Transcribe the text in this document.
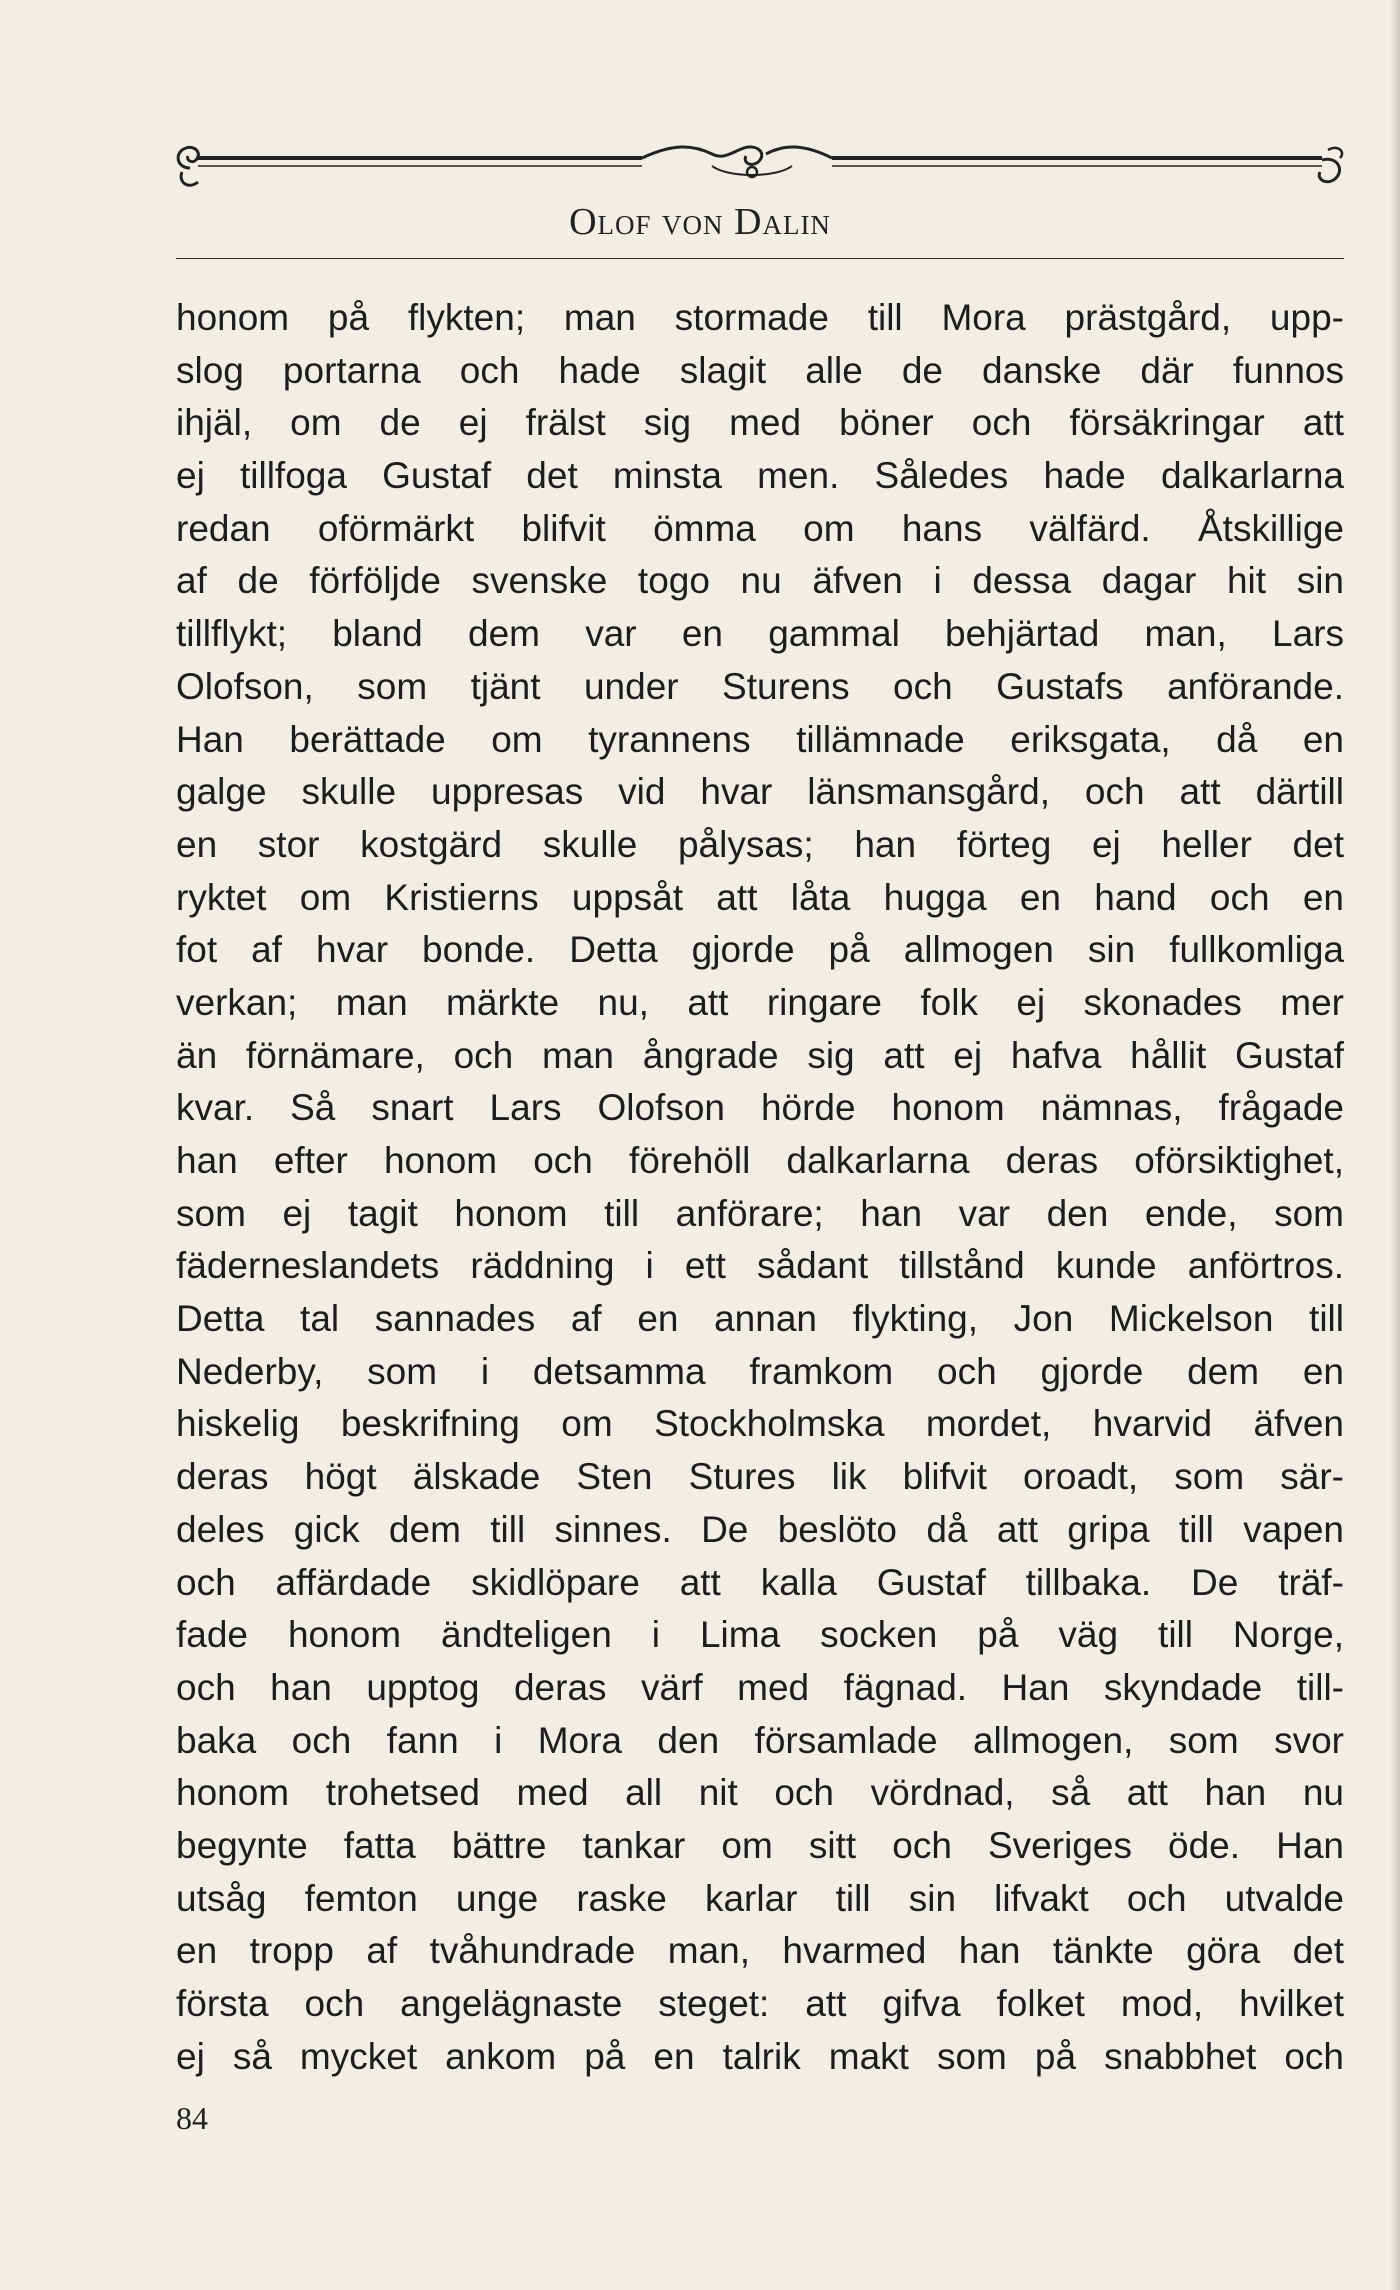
Olof von Dalin
honom på flykten; man stormade till Mora prästgård, upp-
slog portarna och hade slagit alle de danske där funnos
ihjäl, om de ej frälst sig med böner och försäkringar att
ej tillfoga Gustaf det minsta men. Således hade dalkarlarna
redan oförmärkt blifvit ömma om hans välfärd. Åtskillige
af de förföljde svenske togo nu äfven i dessa dagar hit sin
tillflykt; bland dem var en gammal behjärtad man, Lars
Olofson, som tjänt under Sturens och Gustafs anförande.
Han berättade om tyrannens tillämnade eriksgata, då en
galge skulle uppresas vid hvar länsmansgård, och att därtill
en stor kostgärd skulle pålysas; han förteg ej heller det
ryktet om Kristierns uppsåt att låta hugga en hand och en
fot af hvar bonde. Detta gjorde på allmogen sin fullkomliga
verkan; man märkte nu, att ringare folk ej skonades mer
än förnämare, och man ångrade sig att ej hafva hållit Gustaf
kvar. Så snart Lars Olofson hörde honom nämnas, frågade
han efter honom och förehöll dalkarlarna deras oförsiktighet,
som ej tagit honom till anförare; han var den ende, som
fäderneslandets räddning i ett sådant tillstånd kunde anförtros.
Detta tal sannades af en annan flykting, Jon Mickelson till
Nederby, som i detsamma framkom och gjorde dem en
hiskelig beskrifning om Stockholmska mordet, hvarvid äfven
deras högt älskade Sten Stures lik blifvit oroadt, som sär-
deles gick dem till sinnes. De beslöto då att gripa till vapen
och affärdade skidlöpare att kalla Gustaf tillbaka. De träf-
fade honom ändteligen i Lima socken på väg till Norge,
och han upptog deras värf med fägnad. Han skyndade till-
baka och fann i Mora den församlade allmogen, som svor
honom trohetsed med all nit och vördnad, så att han nu
begynte fatta bättre tankar om sitt och Sveriges öde. Han
utsåg femton unge raske karlar till sin lifvakt och utvalde
en tropp af tvåhundrade man, hvarmed han tänkte göra det
första och angelägnaste steget: att gifva folket mod, hvilket
ej så mycket ankom på en talrik makt som på snabbhet och
84
